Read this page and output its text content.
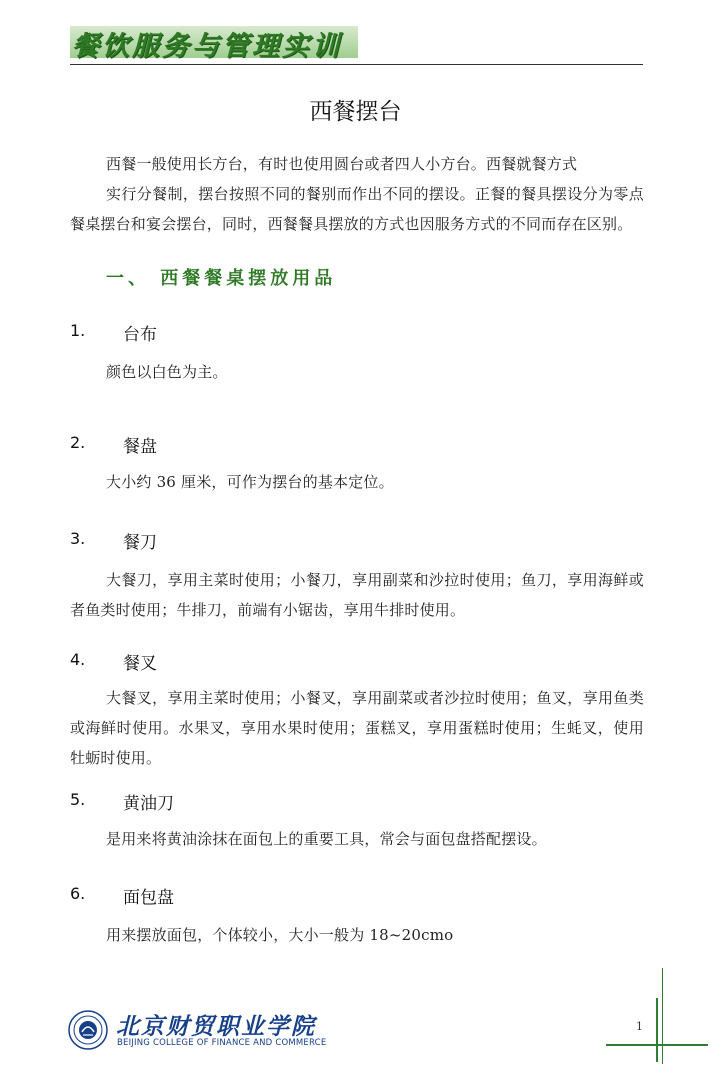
餐饮服务与管理实训
西餐摆台
西餐一般使用长方台，有时也使用圆台或者四人小方台。西餐就餐方式
实行分餐制，摆台按照不同的餐别而作出不同的摆设。正餐的餐具摆设分为零点餐桌摆台和宴会摆台，同时，西餐餐具摆放的方式也因服务方式的不同而存在区别。
一、 西餐餐桌摆放用品
1. 台布
颜色以白色为主。
2. 餐盘
大小约 36 厘米，可作为摆台的基本定位。
3. 餐刀
大餐刀，享用主菜时使用；小餐刀，享用副菜和沙拉时使用；鱼刀，享用海鲜或者鱼类时使用；牛排刀，前端有小锯齿，享用牛排时使用。
4. 餐叉
大餐叉，享用主菜时使用；小餐叉，享用副菜或者沙拉时使用；鱼叉，享用鱼类或海鲜时使用。水果叉，享用水果时使用；蛋糕叉，享用蛋糕时使用；生蚝叉，使用牡蛎时使用。
5. 黄油刀
是用来将黄油涂抹在面包上的重要工具，常会与面包盘搭配摆设。
6. 面包盘
用来摆放面包，个体较小，大小一般为 18~20cmo
北京财贸职业学院
BEIJING COLLEGE OF FINANCE AND COMMERCE
1
